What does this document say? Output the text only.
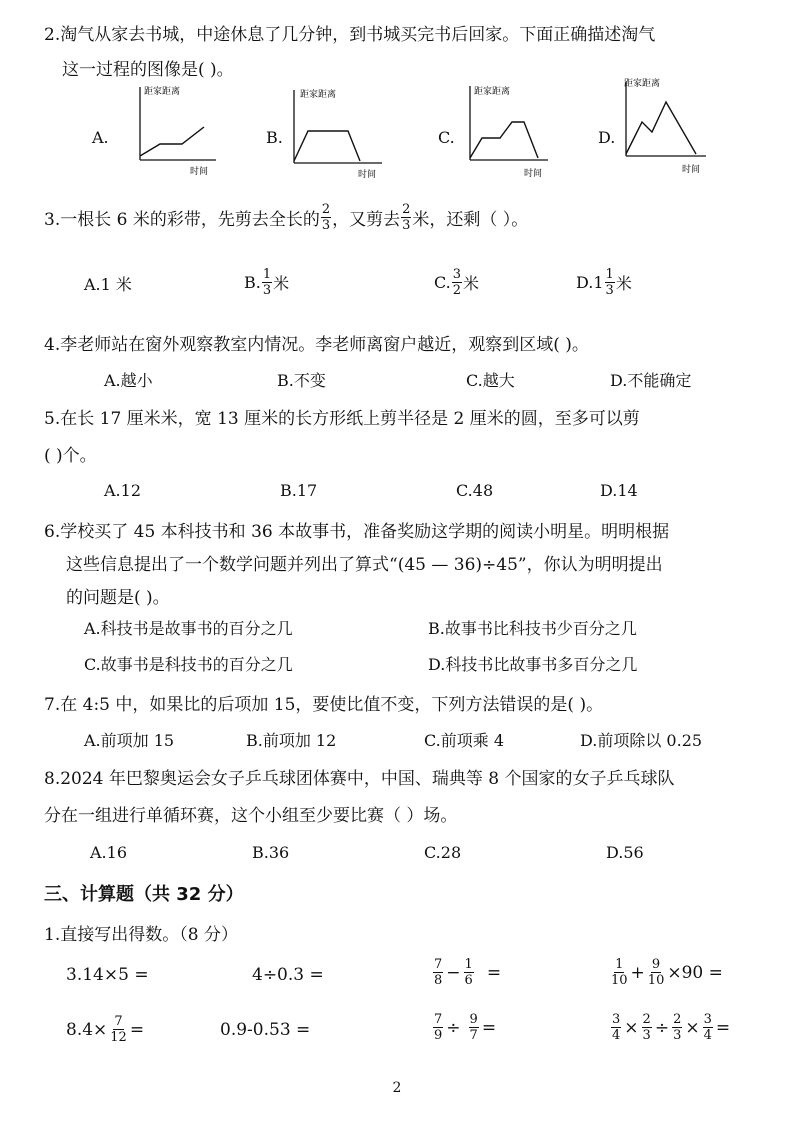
2.淘气从家去书城，中途休息了几分钟，到书城买完书后回家。下面正确描述淘气
这一过程的图像是( )。
A.
距家距离
时间
B.
距家距离
时间
C.
距家距离
时间
D.
距家距离
时间
3.一根长 6 米的彩带，先剪去全长的 $\frac{2}{3}$ ，又剪去 $\frac{2}{3}$ 米，还剩（ ）。
A.1 米	B. $\frac{1}{3}$ 米	C. $\frac{3}{2}$ 米	$D.1 \frac{1}{3}$ 米
4.李老师站在窗外观察教室内情况。李老师离窗户越近，观察到区域( )。
A.越小	B.不变	C.越大	D.不能确定
5.在长 17 厘米米，宽 13 厘米的长方形纸上剪半径是 2 厘米的圆，至多可以剪
( )个。
A.12	B.17	C.48	D.14
6.学校买了 45 本科技书和 36 本故事书，准备奖励这学期的阅读小明星。明明根据
这些信息提出了一个数学问题并列出了算式“(45 — 36)÷45”，你认为明明提出
的问题是( )。
A.科技书是故事书的百分之几	B.故事书比科技书少百分之几
C.故事书是科技书的百分之几	D.科技书比故事书多百分之几
7.在 4:5 中，如果比的后项加 15，要使比值不变，下列方法错误的是( )。
A.前项加 15	B.前项加 12	C.前项乘 4	D.前项除以 0.25
8.2024 年巴黎奥运会女子乒乓球团体赛中，中国、瑞典等 8 个国家的女子乒乓球队
分在一组进行单循环赛，这个小组至少要比赛（ ）场。
A.16	B.36	C.28	D.56
三、计算题（共 32 分）
1.直接写出得数。（8 分）
3.14×5 =	4÷0.3 =	$\frac{7}{8} - \frac{1}{6}$ =	$\frac{1}{10} + \frac{9}{10} \times 90$ =
$8.4\times \frac{7}{12}$ =	0.9-0.53 =	$\frac{7}{9} \div \frac{9}{7}$ =	$\frac{3}{4} \times \frac{2}{3} \div \frac{2}{3} \times \frac{3}{4}$ =
2
